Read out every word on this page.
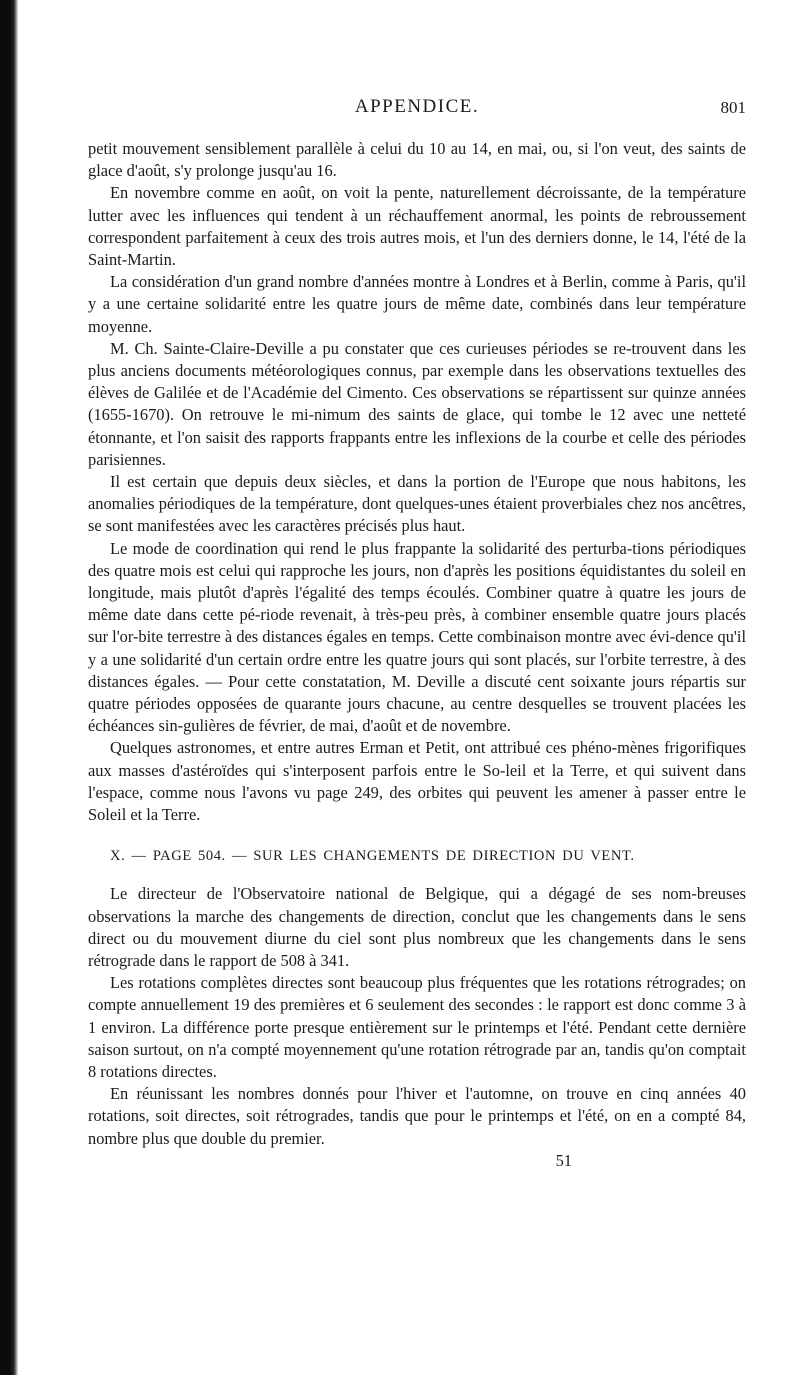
APPENDICE.	801

petit mouvement sensiblement parallèle à celui du 10 au 14, en mai, ou, si l'on veut, des saints de glace d'août, s'y prolonge jusqu'au 16.

En novembre comme en août, on voit la pente, naturellement décroissante, de la température lutter avec les influences qui tendent à un réchauffement anormal, les points de rebroussement correspondent parfaitement à ceux des trois autres mois, et l'un des derniers donne, le 14, l'été de la Saint-Martin.

La considération d'un grand nombre d'années montre à Londres et à Berlin, comme à Paris, qu'il y a une certaine solidarité entre les quatre jours de même date, combinés dans leur température moyenne.

M. Ch. Sainte-Claire-Deville a pu constater que ces curieuses périodes se re-trouvent dans les plus anciens documents météorologiques connus, par exemple dans les observations textuelles des élèves de Galilée et de l'Académie del Cimento. Ces observations se répartissent sur quinze années (1655-1670). On retrouve le mi-nimum des saints de glace, qui tombe le 12 avec une netteté étonnante, et l'on saisit des rapports frappants entre les inflexions de la courbe et celle des périodes parisiennes.

Il est certain que depuis deux siècles, et dans la portion de l'Europe que nous habitons, les anomalies périodiques de la température, dont quelques-unes étaient proverbiales chez nos ancêtres, se sont manifestées avec les caractères précisés plus haut.

Le mode de coordination qui rend le plus frappante la solidarité des perturba-tions périodiques des quatre mois est celui qui rapproche les jours, non d'après les positions équidistantes du soleil en longitude, mais plutôt d'après l'égalité des temps écoulés. Combiner quatre à quatre les jours de même date dans cette pé-riode revenait, à très-peu près, à combiner ensemble quatre jours placés sur l'or-bite terrestre à des distances égales en temps. Cette combinaison montre avec évi-dence qu'il y a une solidarité d'un certain ordre entre les quatre jours qui sont placés, sur l'orbite terrestre, à des distances égales. — Pour cette constatation, M. Deville a discuté cent soixante jours répartis sur quatre périodes opposées de quarante jours chacune, au centre desquelles se trouvent placées les échéances sin-gulières de février, de mai, d'août et de novembre.

Quelques astronomes, et entre autres Erman et Petit, ont attribué ces phéno-mènes frigorifiques aux masses d'astéroïdes qui s'interposent parfois entre le So-leil et la Terre, et qui suivent dans l'espace, comme nous l'avons vu page 249, des orbites qui peuvent les amener à passer entre le Soleil et la Terre.

X. — PAGE 504. — SUR LES CHANGEMENTS DE DIRECTION DU VENT.

Le directeur de l'Observatoire national de Belgique, qui a dégagé de ses nom-breuses observations la marche des changements de direction, conclut que les changements dans le sens direct ou du mouvement diurne du ciel sont plus nombreux que les changements dans le sens rétrograde dans le rapport de 508 à 341.

Les rotations complètes directes sont beaucoup plus fréquentes que les rotations rétrogrades; on compte annuellement 19 des premières et 6 seulement des secondes : le rapport est donc comme 3 à 1 environ. La différence porte presque entièrement sur le printemps et l'été. Pendant cette dernière saison surtout, on n'a compté moyennement qu'une rotation rétrograde par an, tandis qu'on comptait 8 rotations directes.

En réunissant les nombres donnés pour l'hiver et l'automne, on trouve en cinq années 40 rotations, soit directes, soit rétrogrades, tandis que pour le printemps et l'été, on en a compté 84, nombre plus que double du premier.

51
